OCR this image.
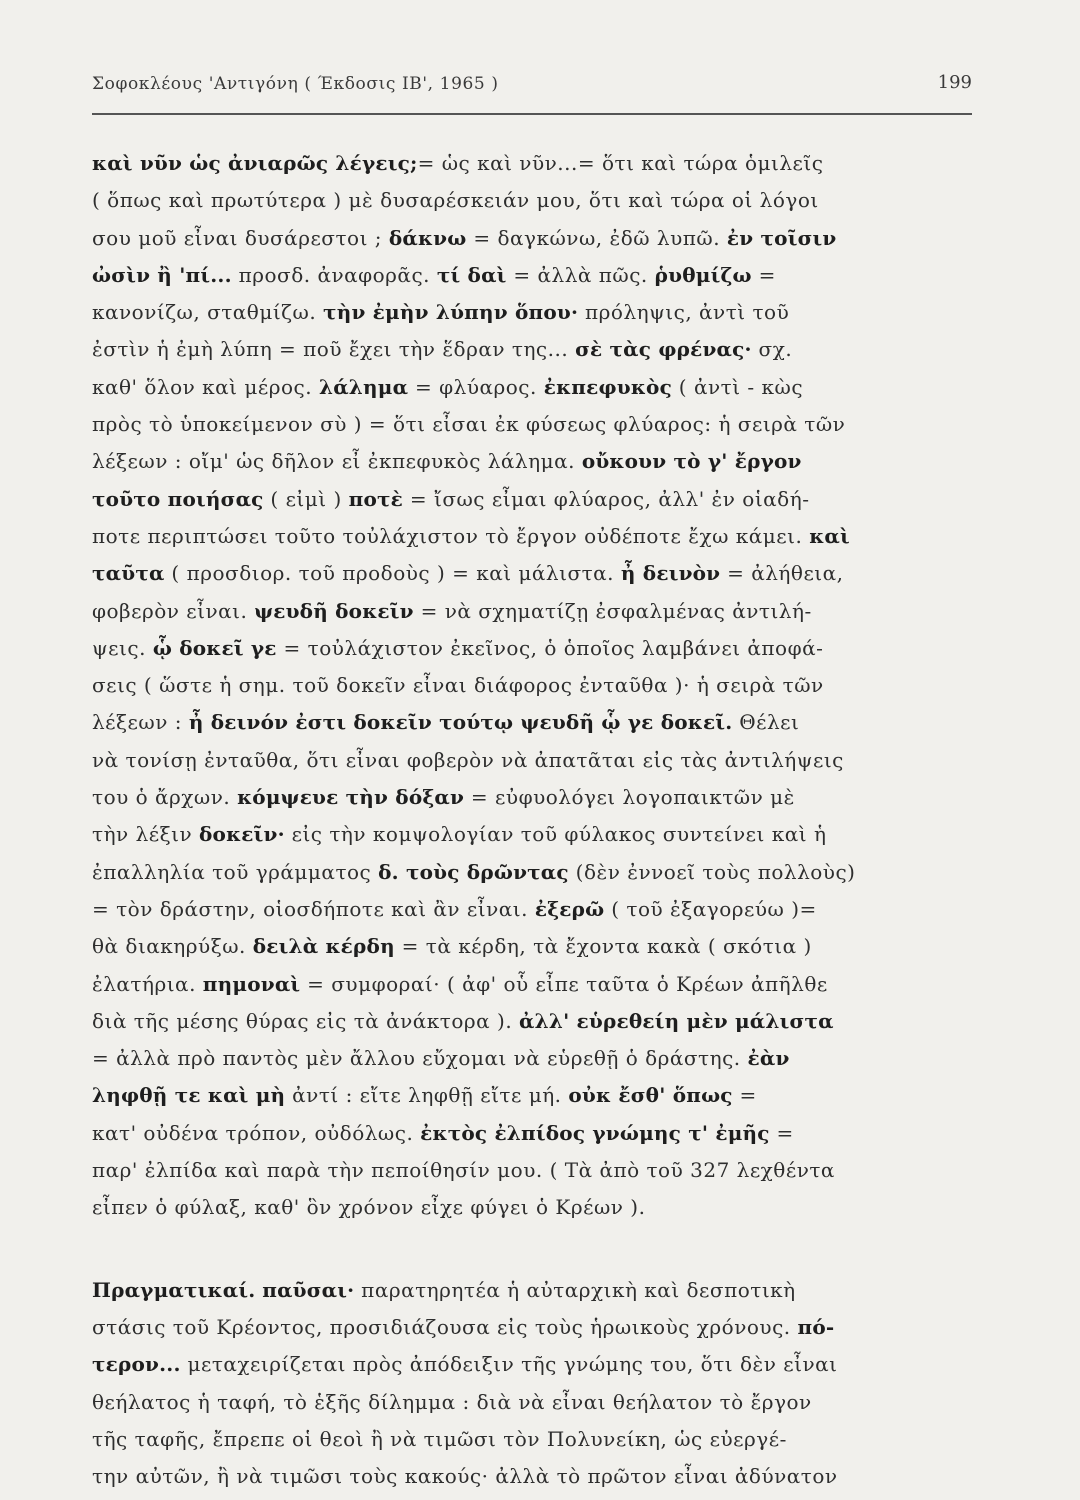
Σοφοκλέους 'Αντιγόνη ( Έκδοσις ΙΒ', 1965 )	199
καὶ νῦν ὡς ἀνιαρῶς λέγεις;= ὡς καὶ νῦν...= ὅτι καὶ τώρα ὁμιλεῖς
( ὅπως καὶ πρωτύτερα ) μὲ δυσαρέσκειάν μου, ὅτι καὶ τώρα οἱ λόγοι
σου μοῦ εἶναι δυσάρεστοι ; δάκνω = δαγκώνω, ἐδῶ λυπῶ. ἐν τοῖσιν
ὠσὶν ἢ 'πί... προσδ. ἀναφορᾶς. τί δαὶ = ἀλλὰ πῶς. ῥυθμίζω =
κανονίζω, σταθμίζω. τὴν ἐμὴν λύπην ὅπου· πρόληψις, ἀντὶ τοῦ
ἐστὶν ἡ ἐμὴ λύπη = ποῦ ἔχει τὴν ἕδραν της... σὲ τὰς φρένας· σχ.
καθ' ὅλον καὶ μέρος. λάλημα = φλύαρος. ἐκπεφυκὸς ( ἀντὶ - κὼς
πρὸς τὸ ὑποκείμενον σὺ ) = ὅτι εἶσαι ἐκ φύσεως φλύαρος: ἡ σειρὰ τῶν
λέξεων : οἴμ' ὡς δῆλον εἶ ἐκπεφυκὸς λάλημα. οὔκουν τὸ γ' ἔργον
τοῦτο ποιήσας ( εἰμὶ ) ποτὲ = ἴσως εἶμαι φλύαρος, ἀλλ' ἐν οἱαδή-
ποτε περιπτώσει τοῦτο τοὐλάχιστον τὸ ἔργον οὐδέποτε ἔχω κάμει. καὶ
ταῦτα ( προσδιορ. τοῦ προδοὺς ) = καὶ μάλιστα. ἦ δεινὸν = ἀλήθεια,
φοβερὸν εἶναι. ψευδῆ δοκεῖν = νὰ σχηματίζῃ ἐσφαλμένας ἀντιλή-
ψεις. ᾧ δοκεῖ γε = τοὐλάχιστον ἐκεῖνος, ὁ ὁποῖος λαμβάνει ἀποφά-
σεις ( ὥστε ἡ σημ. τοῦ δοκεῖν εἶναι διάφορος ἐνταῦθα )· ἡ σειρὰ τῶν
λέξεων : ἦ δεινόν ἐστι δοκεῖν τούτῳ ψευδῆ ᾧ γε δοκεῖ. Θέλει
νὰ τονίσῃ ἐνταῦθα, ὅτι εἶναι φοβερὸν νὰ ἀπατᾶται εἰς τὰς ἀντιλήψεις
του ὁ ἄρχων. κόμψευε τὴν δόξαν = εὐφυολόγει λογοπαικτῶν μὲ
τὴν λέξιν δοκεῖν· εἰς τὴν κομψολογίαν τοῦ φύλακος συντείνει καὶ ἡ
ἐπαλληλία τοῦ γράμματος δ. τοὺς δρῶντας (δὲν ἐννοεῖ τοὺς πολλοὺς)
= τὸν δράστην, οἱοσδήποτε καὶ ἂν εἶναι. ἐξερῶ ( τοῦ ἐξαγορεύω )=
θὰ διακηρύξω. δειλὰ κέρδη = τὰ κέρδη, τὰ ἔχοντα κακὰ ( σκότια )
ἐλατήρια. πημοναὶ = συμφοραί· ( ἀφ' οὗ εἶπε ταῦτα ὁ Κρέων ἀπῆλθε
διὰ τῆς μέσης θύρας εἰς τὰ ἀνάκτορα ). ἀλλ' εὑρεθείη μὲν μάλιστα
= ἀλλὰ πρὸ παντὸς μὲν ἄλλου εὔχομαι νὰ εὑρεθῇ ὁ δράστης. ἐὰν
ληφθῇ τε καὶ μὴ ἀντί : εἴτε ληφθῇ εἴτε μή. οὐκ ἔσθ' ὅπως =
κατ' οὐδένα τρόπον, οὐδόλως. ἐκτὸς ἐλπίδος γνώμης τ' ἐμῆς =
παρ' ἐλπίδα καὶ παρὰ τὴν πεποίθησίν μου. ( Τὰ ἀπὸ τοῦ 327 λεχθέντα
εἶπεν ὁ φύλαξ, καθ' ὃν χρόνον εἶχε φύγει ὁ Κρέων ).
Πραγματικαί. παῦσαι· παρατηρητέα ἡ αὐταρχικὴ καὶ δεσποτικὴ
στάσις τοῦ Κρέοντος, προσιδιάζουσα εἰς τοὺς ἡρωικοὺς χρόνους. πό-
τερον... μεταχειρίζεται πρὸς ἀπόδειξιν τῆς γνώμης του, ὅτι δὲν εἶναι
θεήλατος ἡ ταφή, τὸ ἑξῆς δίλημμα : διὰ νὰ εἶναι θεήλατον τὸ ἔργον
τῆς ταφῆς, ἔπρεπε οἱ θεοὶ ἢ νὰ τιμῶσι τὸν Πολυνείκη, ὡς εὐεργέ-
την αὐτῶν, ἢ νὰ τιμῶσι τοὺς κακούς· ἀλλὰ τὸ πρῶτον εἶναι ἀδύνατον
